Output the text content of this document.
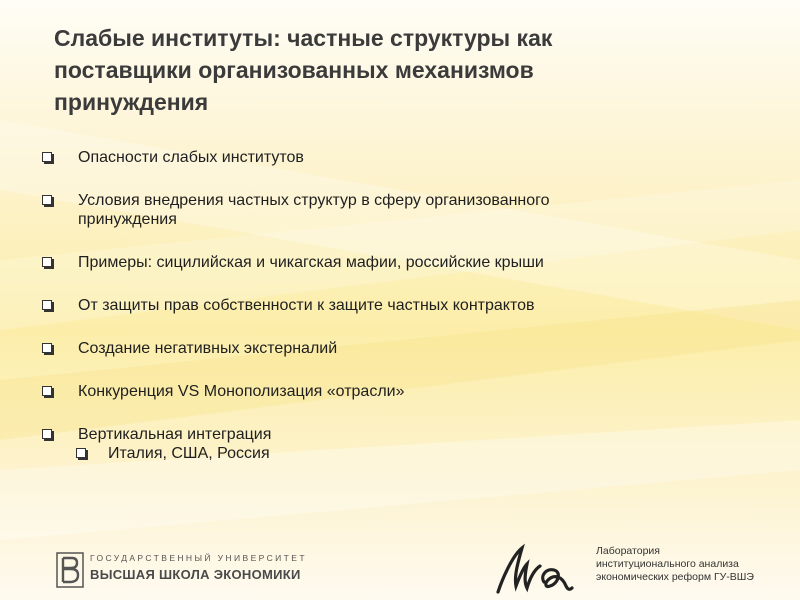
Слабые институты: частные структуры как
поставщики организованных механизмов
принуждения
Опасности слабых институтов
Условия внедрения частных структур в сферу организованного
принуждения
Примеры: сицилийская и чикагская мафии, российские крыши
От защиты прав собственности к защите частных контрактов
Создание негативных экстерналий
Конкуренция VS Монополизация «отрасли»
Вертикальная интеграция
Италия, США, Россия
ГОСУДАРСТВЕННЫЙ УНИВЕРСИТЕТ
ВЫСШАЯ ШКОЛА ЭКОНОМИКИ
Лаборатория
институционального анализа
экономических реформ ГУ-ВШЭ
